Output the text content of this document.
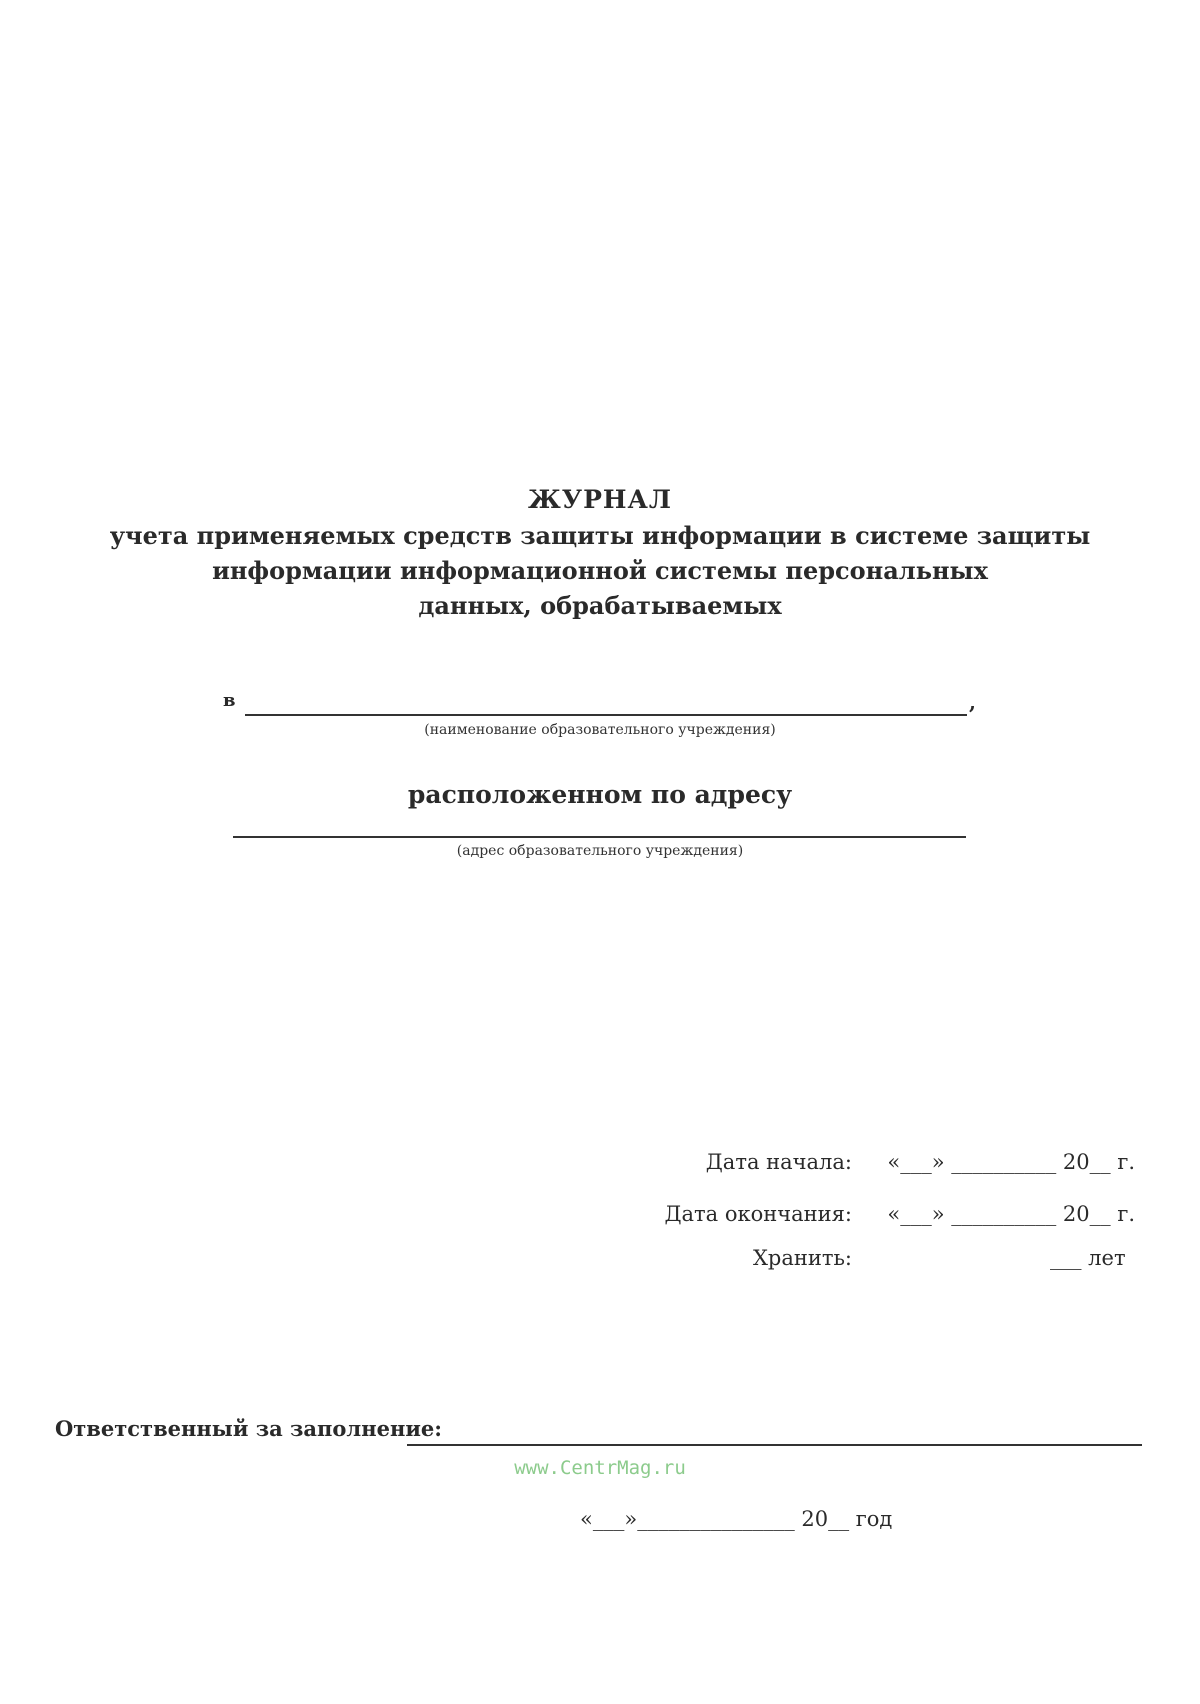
ЖУРНАЛ
учета применяемых средств защиты информации в системе защиты
информации информационной системы персональных
данных, обрабатываемых
в	,
(наименование образовательного учреждения)
расположенном по адресу
(адрес образовательного учреждения)
Дата начала:	«___» __________ 20__ г.
Дата окончания:	«___» __________ 20__ г.
Хранить:	___ лет
Ответственный за заполнение:
www.CentrMag.ru
«___»_______________ 20__ год
